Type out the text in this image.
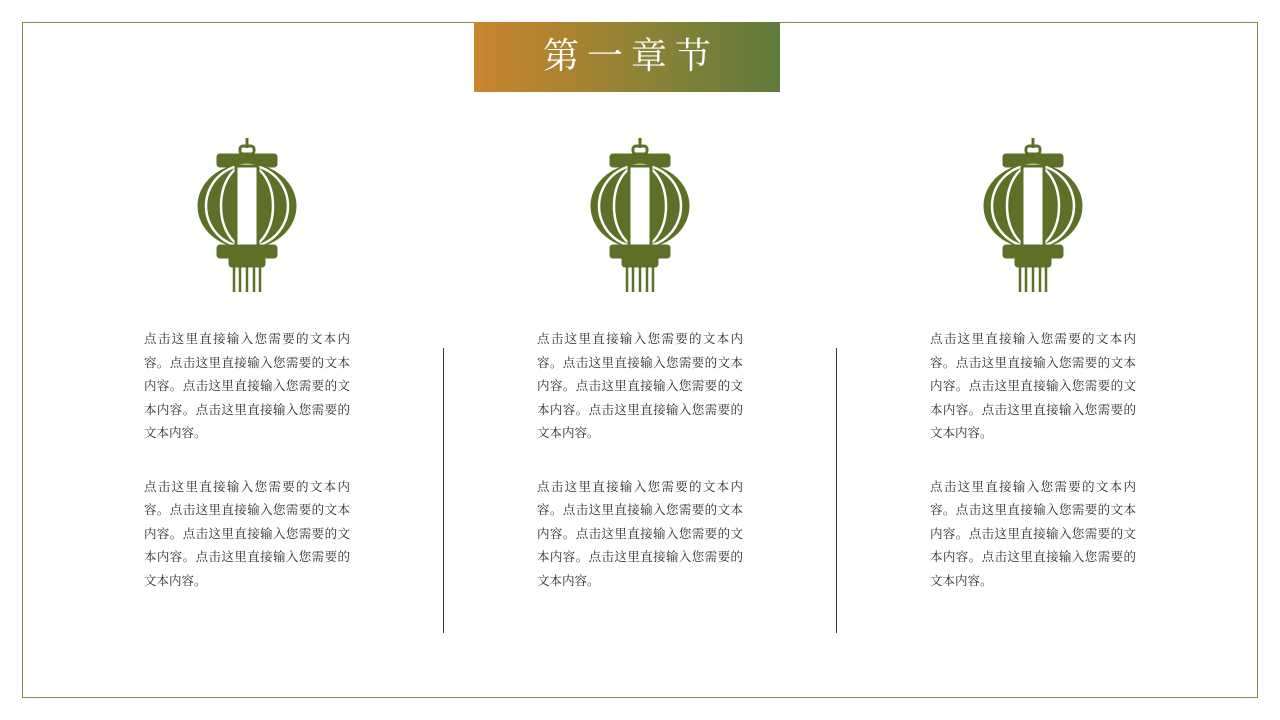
第一章节
点击这里直接输入您需要的文本内容。点击这里直接输入您需要的文本内容。点击这里直接输入您需要的文本内容。点击这里直接输入您需要的文本内容。
点击这里直接输入您需要的文本内容。点击这里直接输入您需要的文本内容。点击这里直接输入您需要的文本内容。点击这里直接输入您需要的文本内容。
点击这里直接输入您需要的文本内容。点击这里直接输入您需要的文本内容。点击这里直接输入您需要的文本内容。点击这里直接输入您需要的文本内容。
点击这里直接输入您需要的文本内容。点击这里直接输入您需要的文本内容。点击这里直接输入您需要的文本内容。点击这里直接输入您需要的文本内容。
点击这里直接输入您需要的文本内容。点击这里直接输入您需要的文本内容。点击这里直接输入您需要的文本内容。点击这里直接输入您需要的文本内容。
点击这里直接输入您需要的文本内容。点击这里直接输入您需要的文本内容。点击这里直接输入您需要的文本内容。点击这里直接输入您需要的文本内容。
